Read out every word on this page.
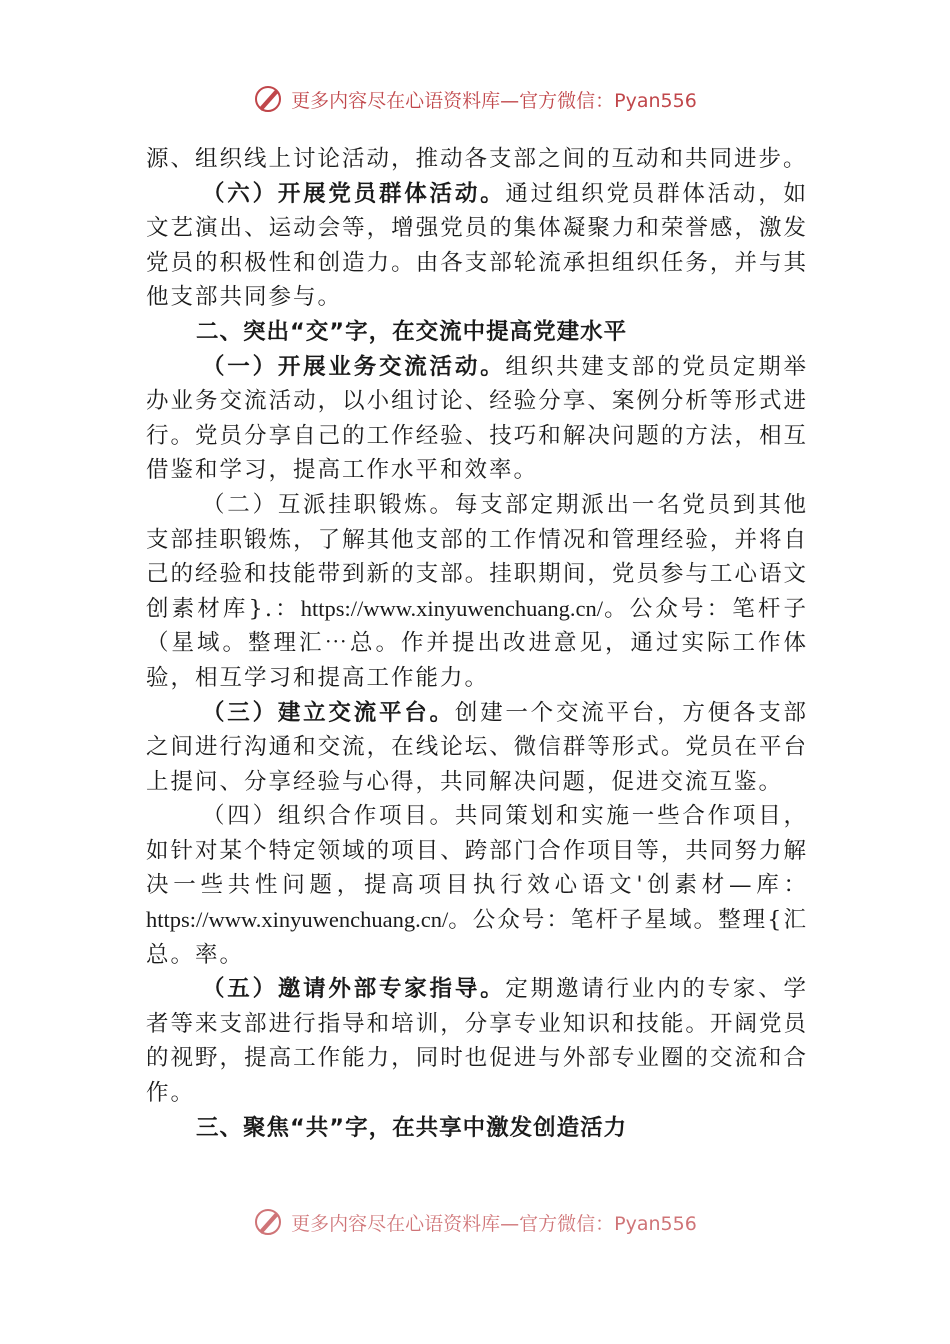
更多内容尽在心语资料库—官方微信：Pyan556

源、组织线上讨论活动，推动各支部之间的互动和共同进步。

（六）开展党员群体活动。通过组织党员群体活动，如文艺演出、运动会等，增强党员的集体凝聚力和荣誉感，激发党员的积极性和创造力。由各支部轮流承担组织任务，并与其他支部共同参与。

二、突出“交”字，在交流中提高党建水平

（一）开展业务交流活动。组织共建支部的党员定期举办业务交流活动，以小组讨论、经验分享、案例分析等形式进行。党员分享自己的工作经验、技巧和解决问题的方法，相互借鉴和学习，提高工作水平和效率。

（二）互派挂职锻炼。每支部定期派出一名党员到其他支部挂职锻炼，了解其他支部的工作情况和管理经验，并将自己的经验和技能带到新的支部。挂职期间，党员参与工心语文创素材库}.：https://www.xinyuwenchuang.cn/。公众号：笔杆子（星域。整理汇⋯总。作并提出改进意见，通过实际工作体验，相互学习和提高工作能力。

（三）建立交流平台。创建一个交流平台，方便各支部之间进行沟通和交流，在线论坛、微信群等形式。党员在平台上提问、分享经验与心得，共同解决问题，促进交流互鉴。

（四）组织合作项目。共同策划和实施一些合作项目，如针对某个特定领域的项目、跨部门合作项目等，共同努力解决一些共性问题，提高项目执行效心语文'创素材—库：https://www.xinyuwenchuang.cn/。公众号：笔杆子星域。整理{汇总。率。

（五）邀请外部专家指导。定期邀请行业内的专家、学者等来支部进行指导和培训，分享专业知识和技能。开阔党员的视野，提高工作能力，同时也促进与外部专业圈的交流和合作。

三、聚焦“共”字，在共享中激发创造活力

更多内容尽在心语资料库—官方微信：Pyan556
